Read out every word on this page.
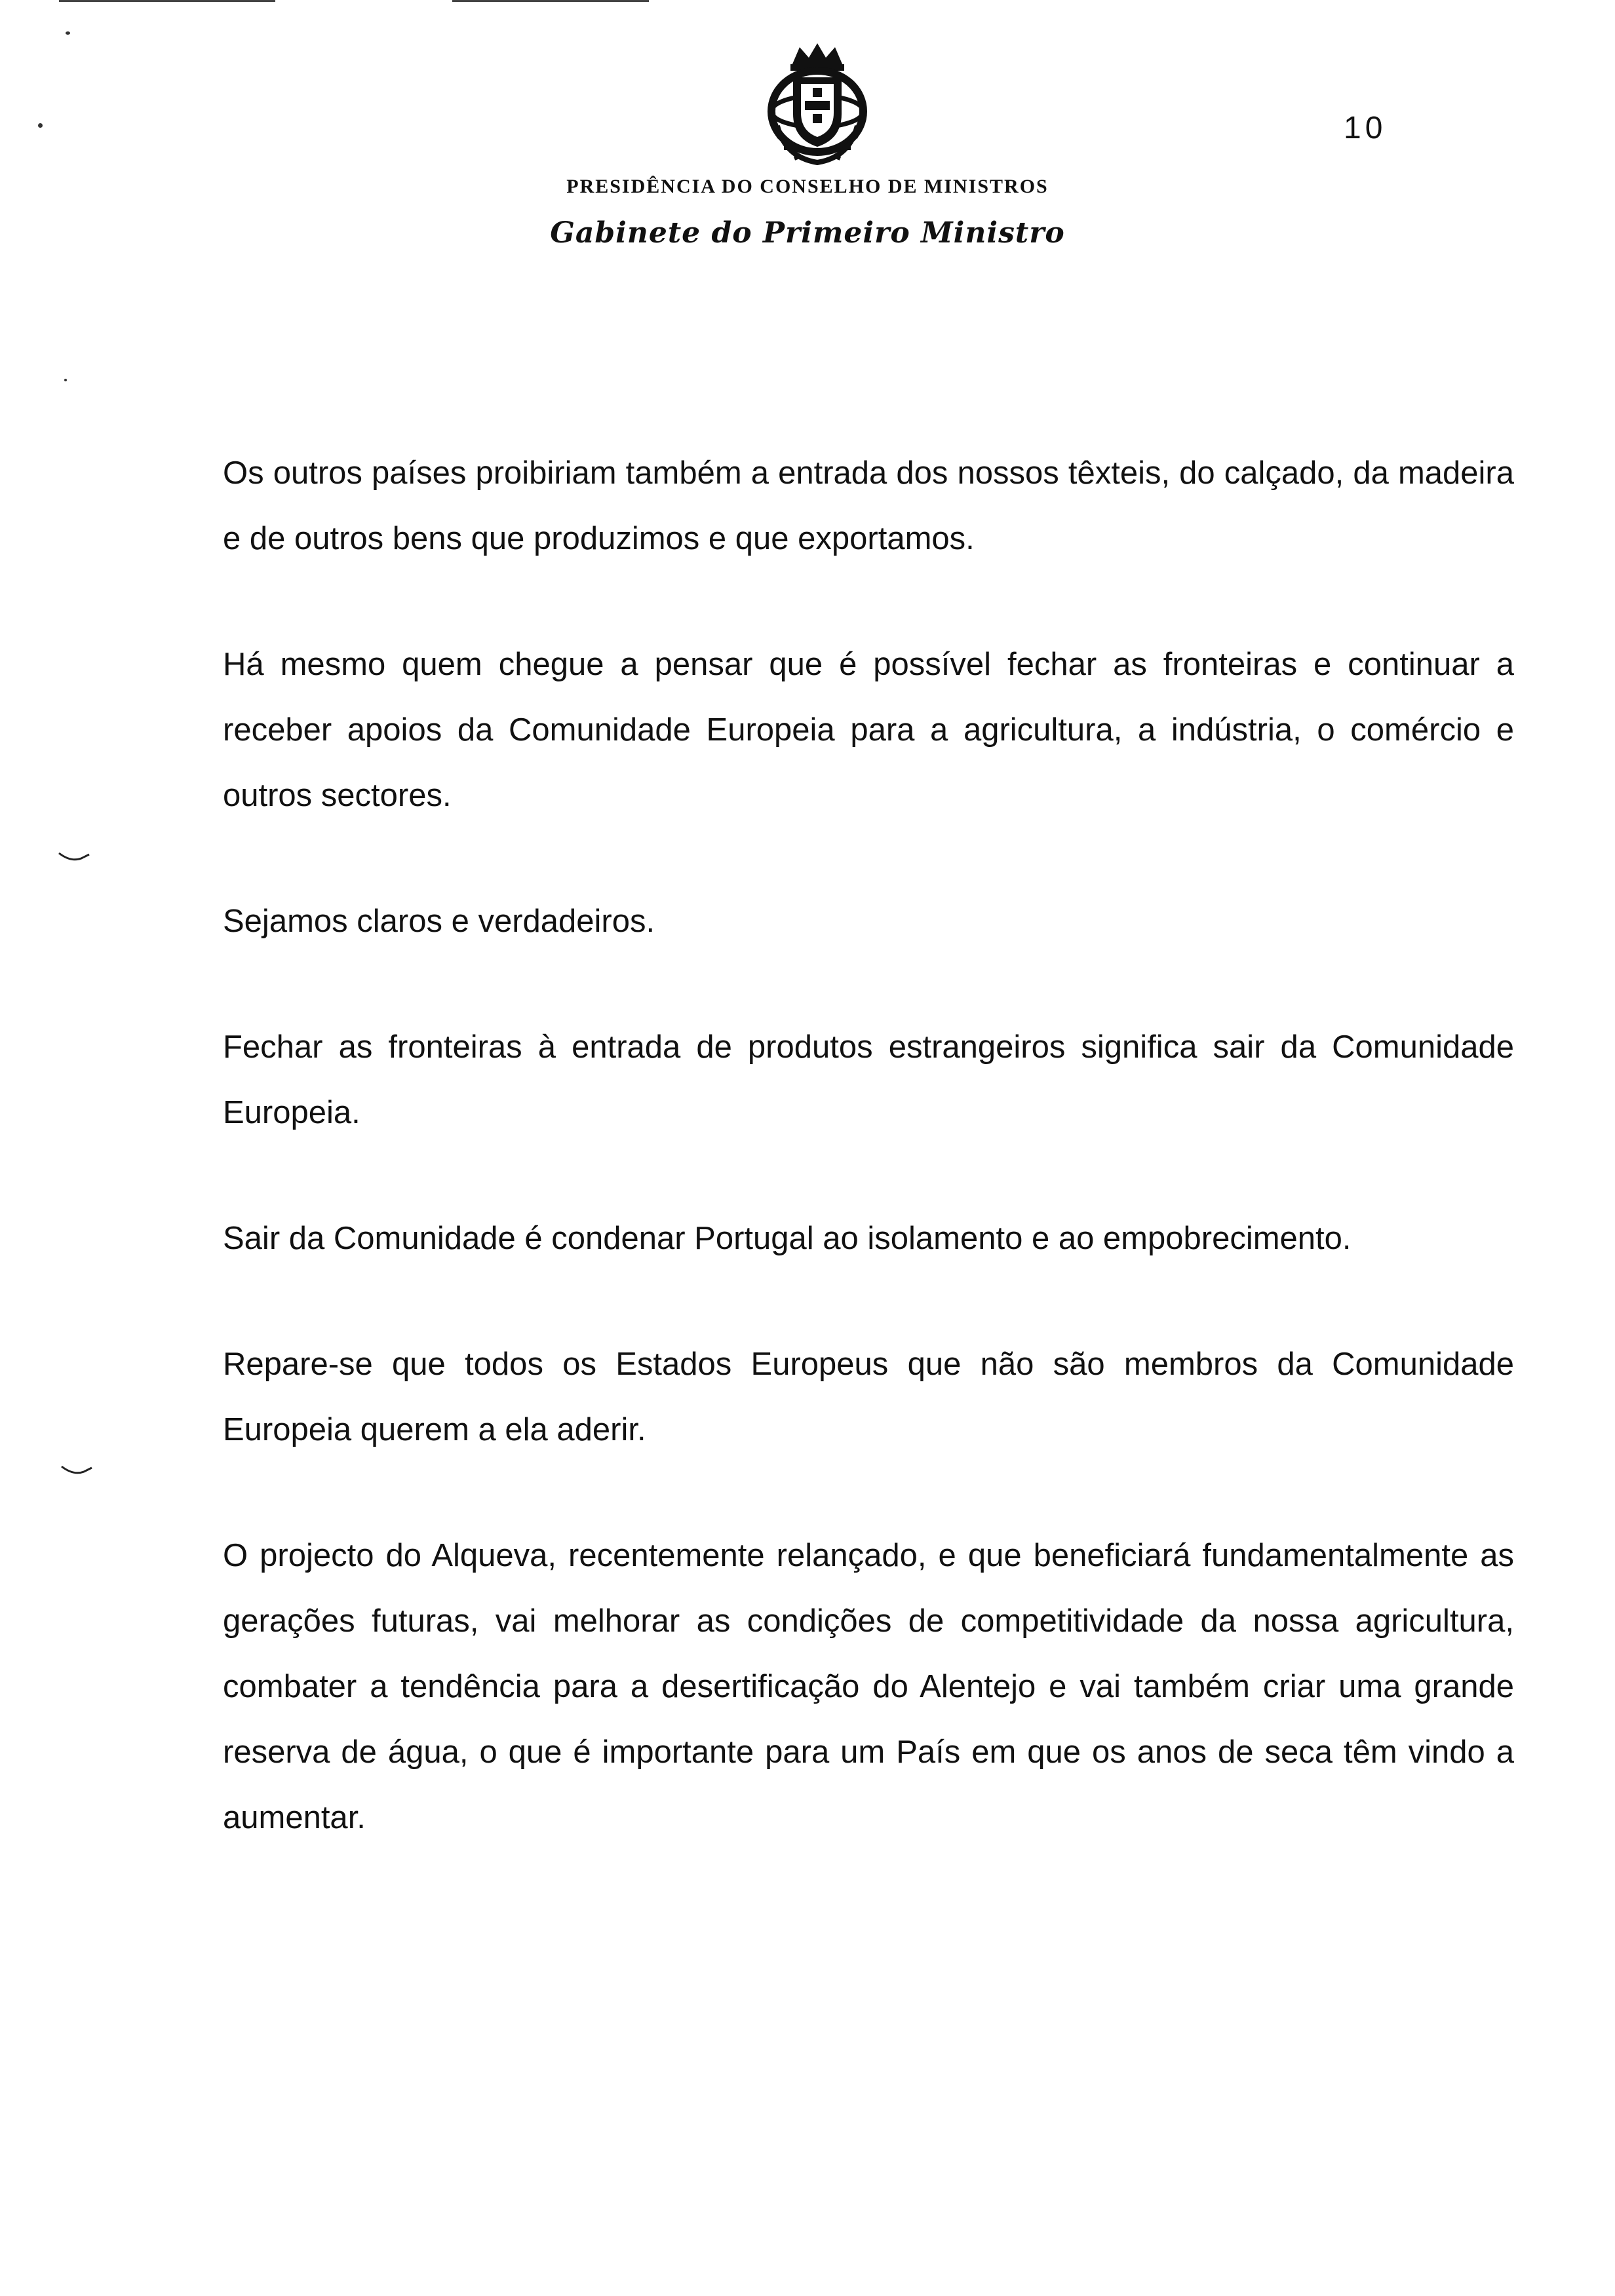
10
PRESIDÊNCIA DO CONSELHO DE MINISTROS
Gabinete do Primeiro Ministro

Os outros países proibiriam também a entrada dos nossos têxteis, do calçado, da madeira e de outros bens que produzimos e que exportamos.

Há mesmo quem chegue a pensar que é possível fechar as fronteiras e continuar a receber apoios da Comunidade Europeia para a agricultura, a indústria, o comércio e outros sectores.

Sejamos claros e verdadeiros.

Fechar as fronteiras à entrada de produtos estrangeiros significa sair da Comunidade Europeia.

Sair da Comunidade é condenar Portugal ao isolamento e ao empobrecimento.

Repare-se que todos os Estados Europeus que não são membros da Comunidade Europeia querem a ela aderir.

O projecto do Alqueva, recentemente relançado, e que beneficiará fundamentalmente as gerações futuras, vai melhorar as condições de competitividade da nossa agricultura, combater a tendência para a desertificação do Alentejo e vai também criar uma grande reserva de água, o que é importante para um País em que os anos de seca têm vindo a aumentar.
